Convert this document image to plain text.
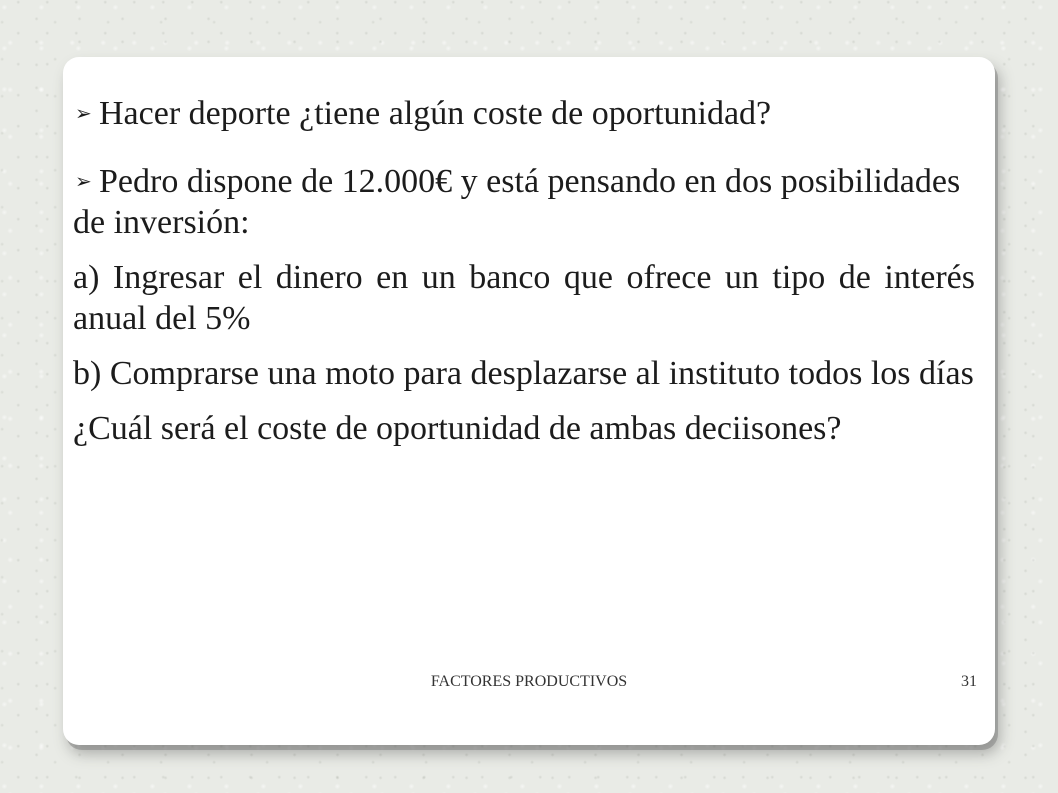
➢ Hacer deporte ¿tiene algún coste de oportunidad?

➢ Pedro dispone de 12.000€ y está pensando en dos posibilidades de inversión:

a) Ingresar el dinero en un banco que ofrece un tipo de interés anual del 5%

b) Comprarse una moto para desplazarse al instituto todos los días

¿Cuál será el coste de oportunidad de ambas deciisones?

FACTORES PRODUCTIVOS	31
